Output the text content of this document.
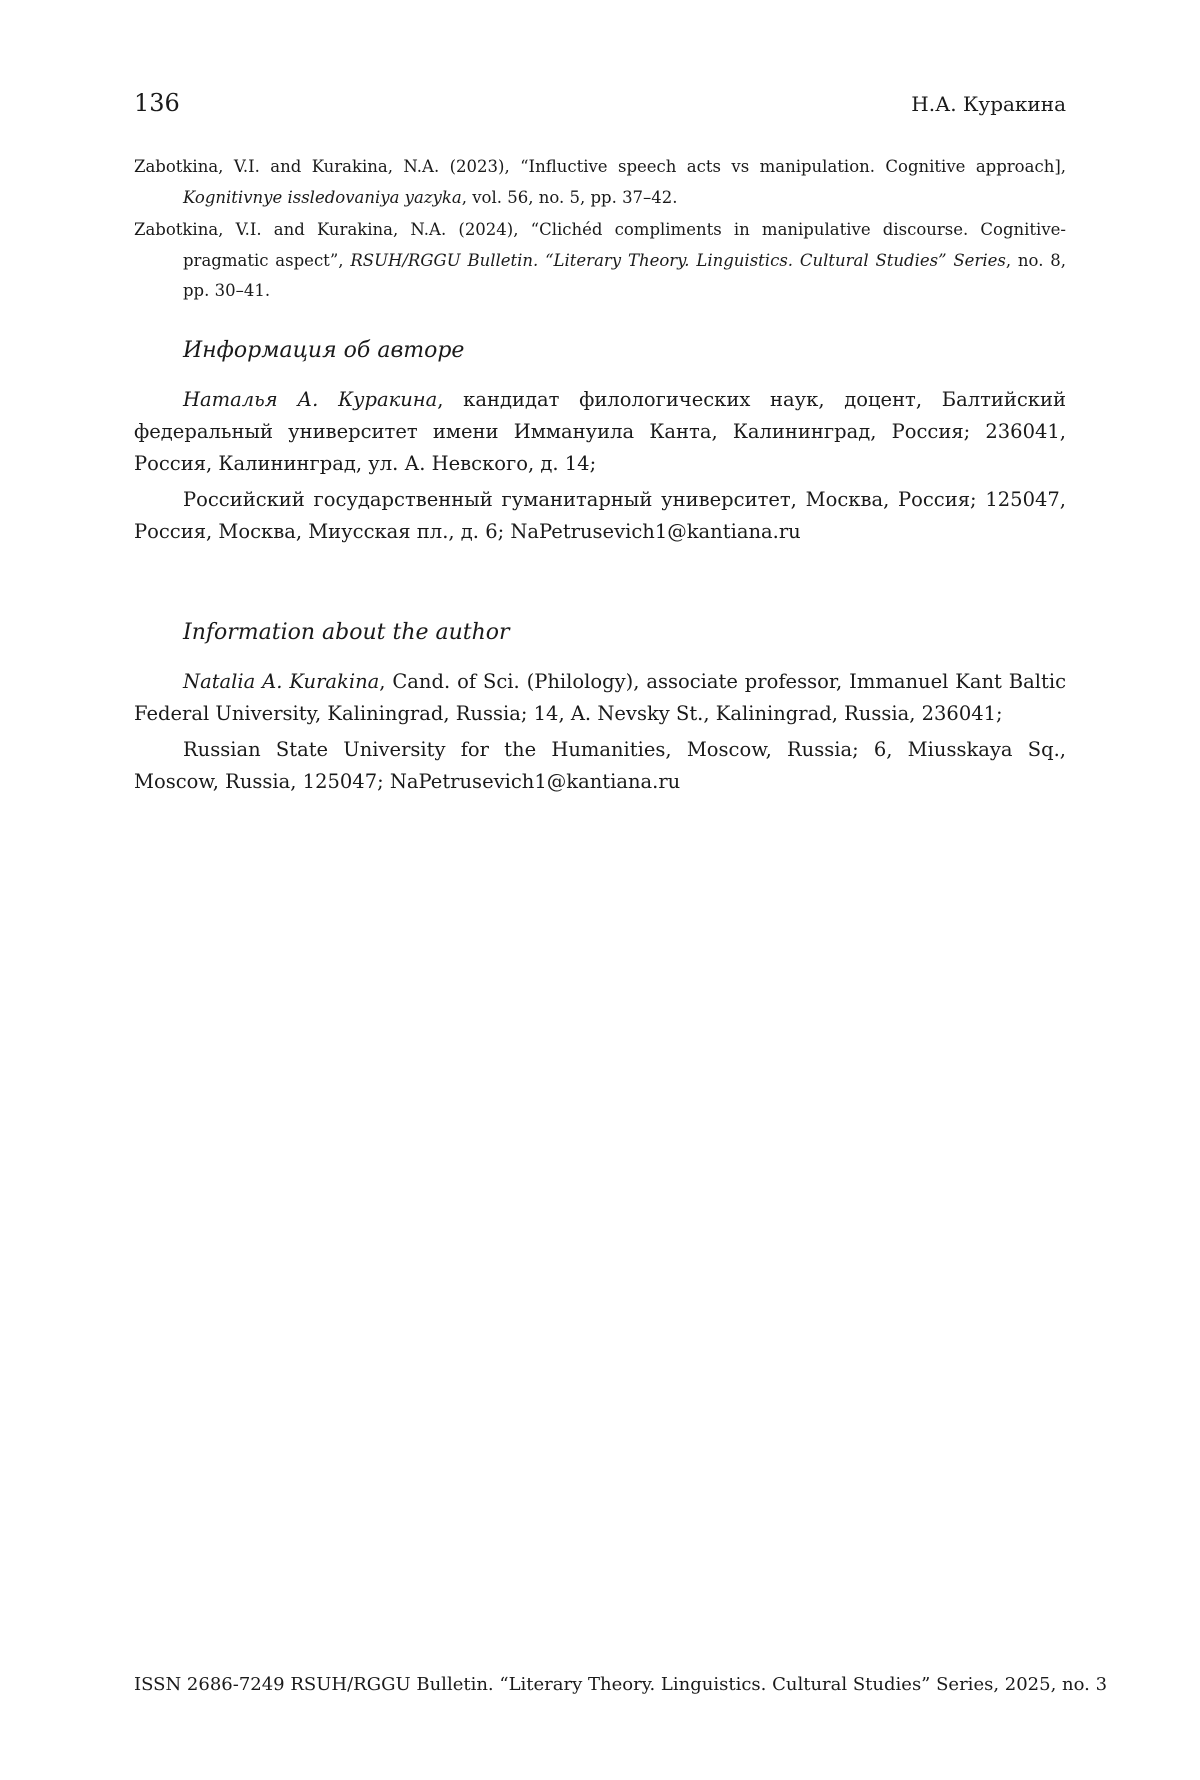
136	Н.А. Куракина

Zabotkina, V.I. and Kurakina, N.A. (2023), “Influctive speech acts vs manipulation. Cognitive approach], Kognitivnye issledovaniya yazyka, vol. 56, no. 5, pp. 37–42.

Zabotkina, V.I. and Kurakina, N.A. (2024), “Clichéd compliments in manipulative discourse. Cognitive-pragmatic aspect”, RSUH/RGGU Bulletin. “Literary Theory. Linguistics. Cultural Studies” Series, no. 8, pp. 30–41.

Информация об авторе

Наталья А. Куракина, кандидат филологических наук, доцент, Балтийский федеральный университет имени Иммануила Канта, Калининград, Россия; 236041, Россия, Калининград, ул. А. Невского, д. 14;

Российский государственный гуманитарный университет, Москва, Россия; 125047, Россия, Москва, Миусская пл., д. 6; NaPetrusevich1@kantiana.ru

Information about the author

Natalia A. Kurakina, Cand. of Sci. (Philology), associate professor, Immanuel Kant Baltic Federal University, Kaliningrad, Russia; 14, A. Nevsky St., Kaliningrad, Russia, 236041;

Russian State University for the Humanities, Moscow, Russia; 6, Miusskaya Sq., Moscow, Russia, 125047; NaPetrusevich1@kantiana.ru

ISSN 2686-7249 RSUH/RGGU Bulletin. “Literary Theory. Linguistics. Cultural Studies” Series, 2025, no. 3
